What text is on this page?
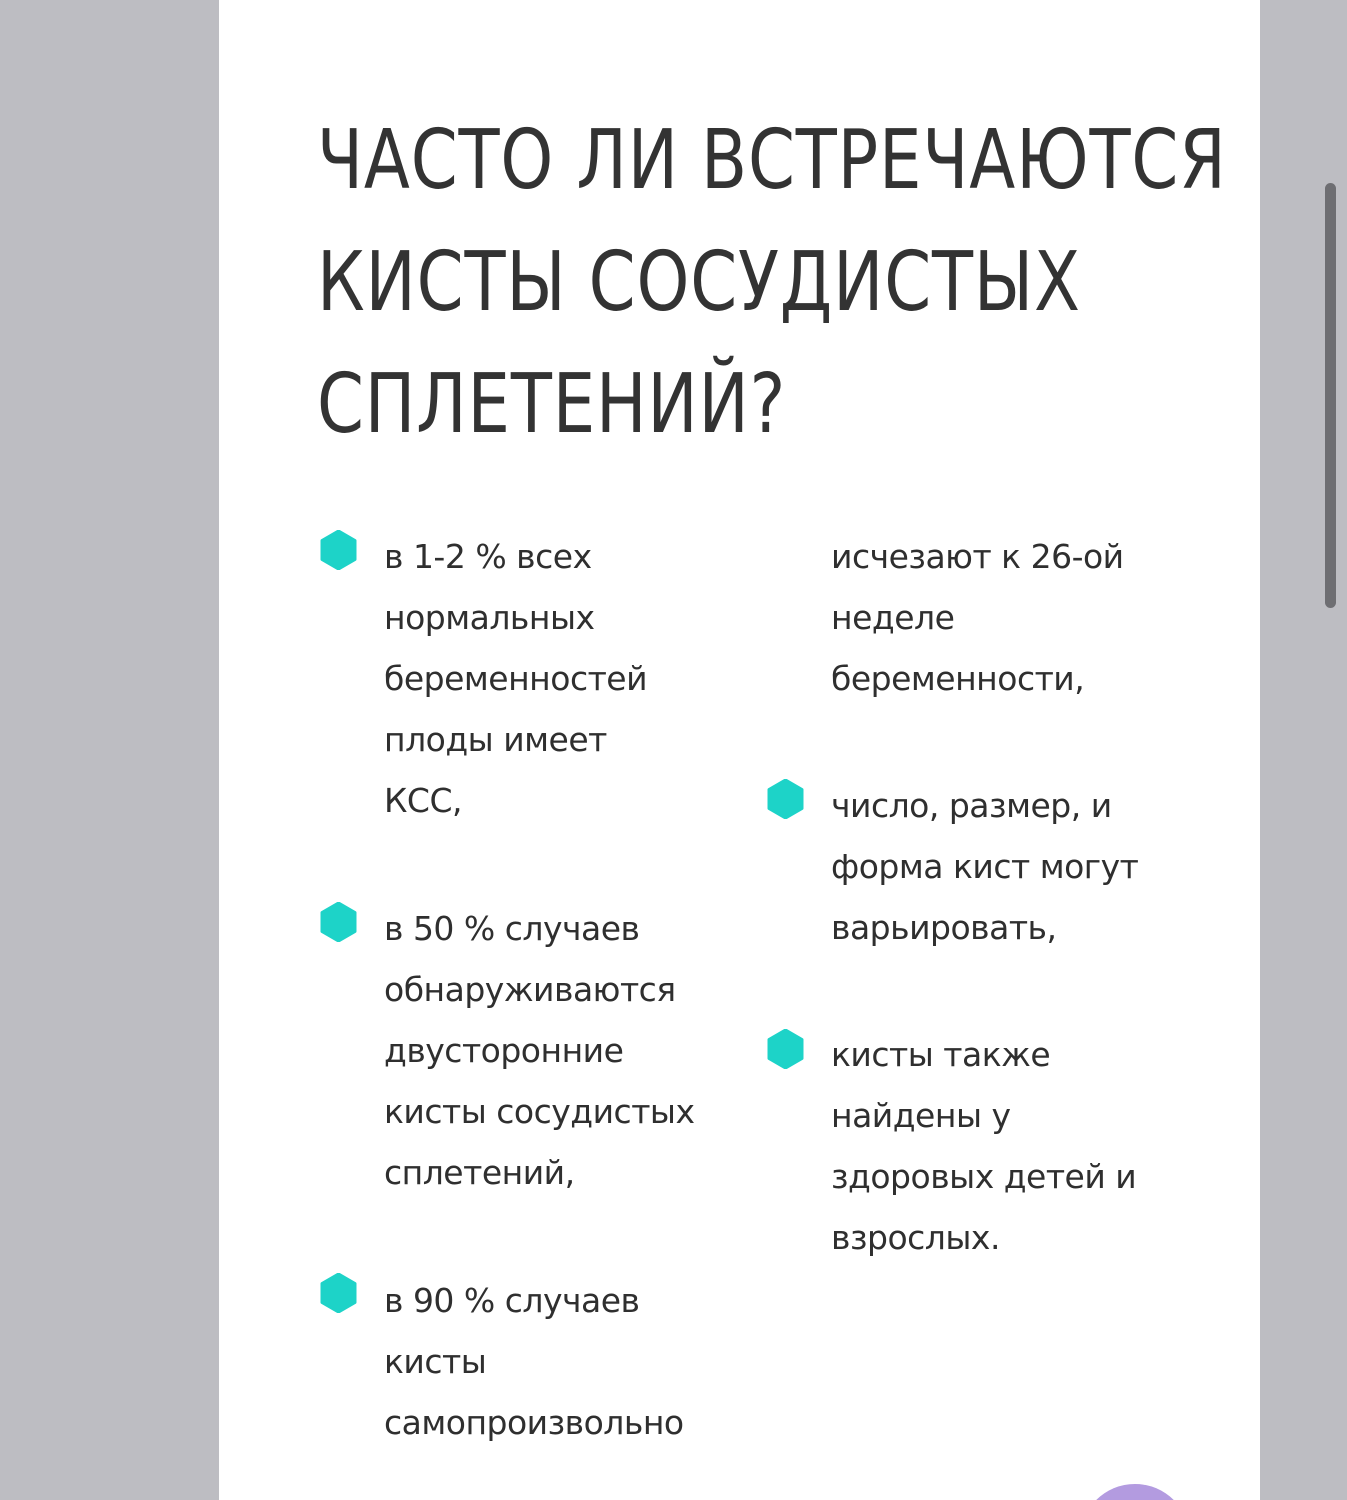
ЧАСТО ЛИ ВСТРЕЧАЮТСЯ
КИСТЫ СОСУДИСТЫХ
СПЛЕТЕНИЙ?
в 1-2 % всех
нормальных
беременностей
плоды имеет
КСС,
в 50 % случаев
обнаруживаются
двусторонние
кисты сосудистых
сплетений,
в 90 % случаев
кисты
самопроизвольно
исчезают к 26-ой
неделе
беременности,
число, размер, и
форма кист могут
варьировать,
кисты также
найдены у
здоровых детей и
взрослых.
